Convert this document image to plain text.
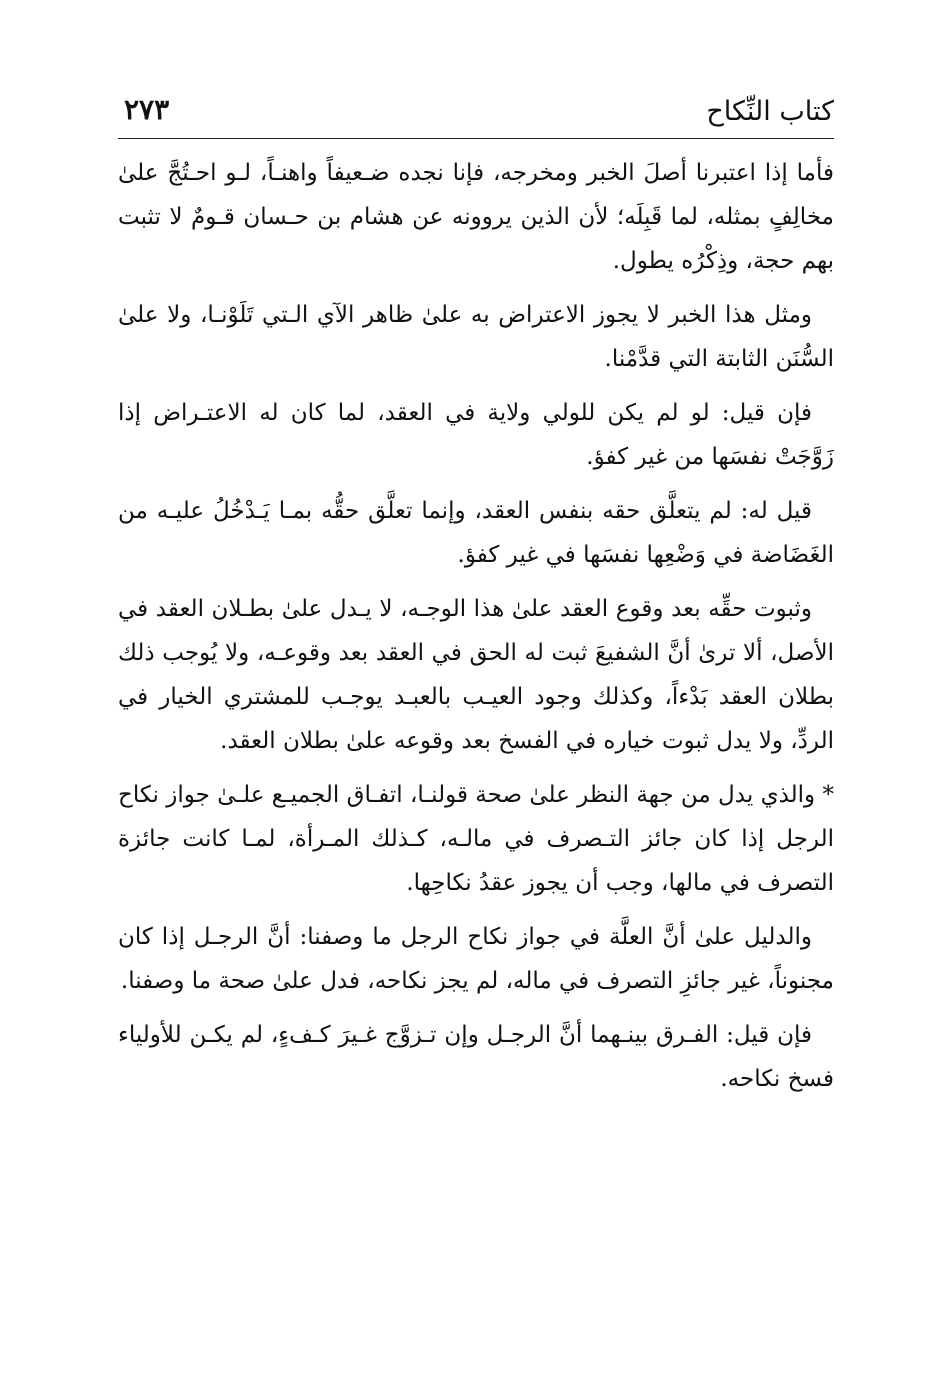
كتاب النِّكاح
٢٧٣

فأما إذا اعتبرنا أصلَ الخبر ومخرجه، فإنا نجده ضـعيفاً واهنـاً، لـو احـتُجَّ علىٰ مخالِفٍ بمثله، لما قَبِلَه؛ لأن الذين يروونه عن هشام بن حـسان قـومٌ لا تثبت بهم حجة، وذِكْرُه يطول.

ومثل هذا الخبر لا يجوز الاعتراض به علىٰ ظاهر الآي الـتي تَلَوْنـا، ولا علىٰ السُّنَن الثابتة التي قدَّمْنا.

فإن قيل: لو لم يكن للولي ولاية في العقد، لما كان له الاعتـراض إذا زَوَّجَتْ نفسَها من غير كفؤ.

قيل له: لم يتعلَّق حقه بنفس العقد، وإنما تعلَّق حقُّه بمـا يَـدْخُلُ عليـه من الغَضَاضة في وَضْعِها نفسَها في غير كفؤ.

وثبوت حقِّه بعد وقوع العقد علىٰ هذا الوجـه، لا يـدل علىٰ بطـلان العقد في الأصل، ألا ترىٰ أنَّ الشفيعَ ثبت له الحق في العقد بعد وقوعـه، ولا يُوجب ذلك بطلان العقد بَدْءاً، وكذلك وجود العيـب بالعبـد يوجـب للمشتري الخيار في الردِّ، ولا يدل ثبوت خياره في الفسخ بعد وقوعه علىٰ بطلان العقد.

* والذي يدل من جهة النظر علىٰ صحة قولنـا، اتفـاق الجميـع علـىٰ جواز نكاح الرجل إذا كان جائز التـصرف في مالـه، كـذلك المـرأة، لمـا كانت جائزة التصرف في مالها، وجب أن يجوز عقدُ نكاحِها.

والدليل علىٰ أنَّ العلَّة في جواز نكاح الرجل ما وصفنا: أنَّ الرجـل إذا كان مجنوناً، غير جائزِ التصرف في ماله، لم يجز نكاحه، فدل علىٰ صحة ما وصفنا.

فإن قيل: الفـرق بينـهما أنَّ الرجـل وإن تـزوَّج غـيرَ كـفءٍ، لم يكـن للأولياء فسخ نكاحه.
